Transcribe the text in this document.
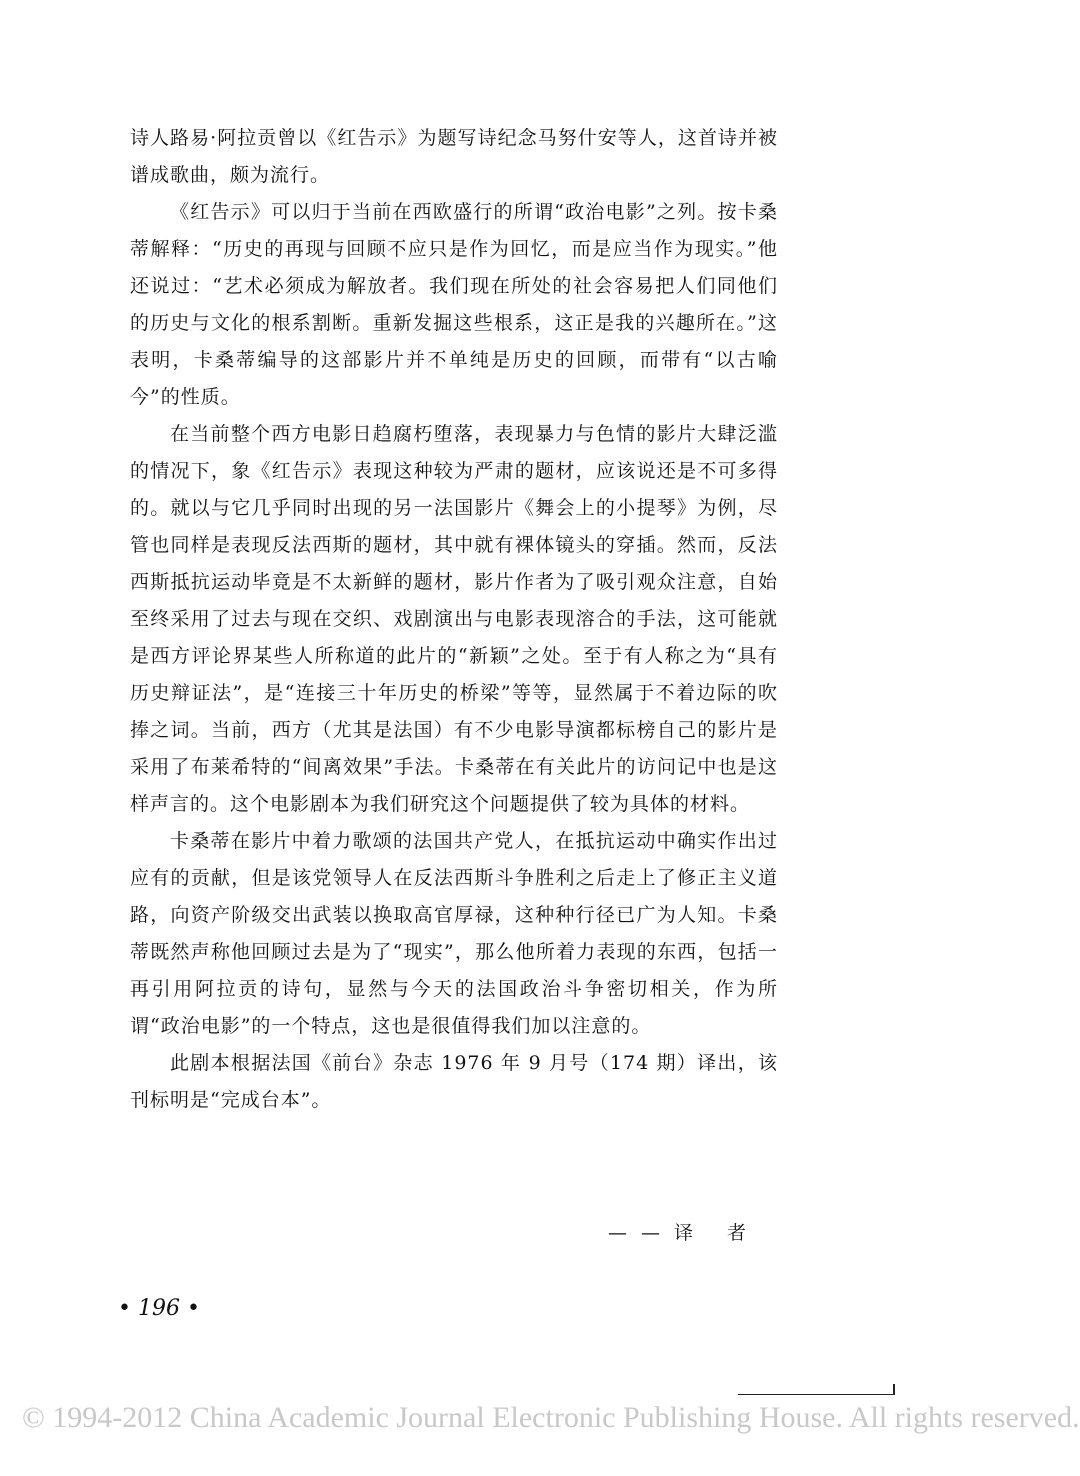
诗人路易·阿拉贡曾以《红告示》为题写诗纪念马努什安等人，这首诗并被谱成歌曲，颇为流行。

《红告示》可以归于当前在西欧盛行的所谓“政治电影”之列。按卡桑蒂解释：“历史的再现与回顾不应只是作为回忆，而是应当作为现实。”他还说过：“艺术必须成为解放者。我们现在所处的社会容易把人们同他们的历史与文化的根系割断。重新发掘这些根系，这正是我的兴趣所在。”这表明，卡桑蒂编导的这部影片并不单纯是历史的回顾，而带有“以古喻今”的性质。

在当前整个西方电影日趋腐朽堕落，表现暴力与色情的影片大肆泛滥的情况下，象《红告示》表现这种较为严肃的题材，应该说还是不可多得的。就以与它几乎同时出现的另一法国影片《舞会上的小提琴》为例，尽管也同样是表现反法西斯的题材，其中就有裸体镜头的穿插。然而，反法西斯抵抗运动毕竟是不太新鲜的题材，影片作者为了吸引观众注意，自始至终采用了过去与现在交织、戏剧演出与电影表现溶合的手法，这可能就是西方评论界某些人所称道的此片的“新颖”之处。至于有人称之为“具有历史辩证法”，是“连接三十年历史的桥梁”等等，显然属于不着边际的吹捧之词。当前，西方（尤其是法国）有不少电影导演都标榜自己的影片是采用了布莱希特的“间离效果”手法。卡桑蒂在有关此片的访问记中也是这样声言的。这个电影剧本为我们研究这个问题提供了较为具体的材料。

卡桑蒂在影片中着力歌颂的法国共产党人，在抵抗运动中确实作出过应有的贡献，但是该党领导人在反法西斯斗争胜利之后走上了修正主义道路，向资产阶级交出武装以换取高官厚禄，这种种行径已广为人知。卡桑蒂既然声称他回顾过去是为了“现实”，那么他所着力表现的东西，包括一再引用阿拉贡的诗句，显然与今天的法国政治斗争密切相关，作为所谓“政治电影”的一个特点，这也是很值得我们加以注意的。

此剧本根据法国《前台》杂志 1976 年 9 月号（174 期）译出，该刊标明是“完成台本”。

——译 者
• 196 •
© 1994-2012 China Academic Journal Electronic Publishing House. All rights reserved.
